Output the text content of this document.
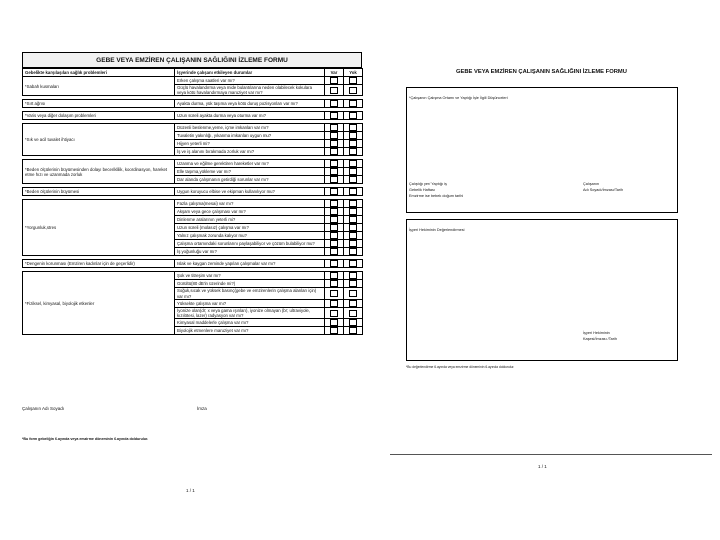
GEBE VEYA EMZİREN ÇALIŞANIN SAĞLIĞINI İZLEME FORMU
Gebelikte karşılaşılan sağlık problemleri	İşyerinde çalışanı etkileyen durumlar	Var	Yok
*Sabah kusmaları	Erken çalışma saatleri var mı?		
	Güçlü havalandırma veya mide bulantılarına neden olabilecek kokulara veya kötü havalandırmaya maruziyet var mı?		

*Sırt ağrısı	Ayakta durma, yük taşıma veya kötü duruş pozisyonları var mı?		

*Varis veya diğer dolaşım problemleri	Uzun süreli ayakta durma veya oturma var mı?		

*Sık ve acil tuvalet ihtiyacı	Düzenli beslenme,yeme, içme imkanları var mı?		
	Tuvaletin yakınlığı, yıkanma imkanları uygun mu?		
	Hijyen yeterli mi?		
	İş ve iş alanını bırakmada zorluk var mı?		

*Beden ölçülerinin büyümesinden dolayı beceriklilik, koordinasyon, hareket etme hızı ve uzanmada zorluk	Uzanma ve eğilme gerektiren hareketler var mı?		
	Elle taşıma,yükleme var mı?		
	Dar alanda çalışmanın getirdiği sorunlar var mı?		

*Beden ölçülerinin büyümesi	Uygun koruyucu elbise ve ekipman kullanılıyor mu?		

*Yorgunluk,stres	Fazla çalışma(mesai) var mı?		
	Akşam veya gece çalışması var mı?		
	Dinlenme aralarının yeterli mi?		
	Uzun süreli (molasız) çalışma var mı?		
	Yalnız çalışmak zorunda kalıyor mu?		
	Çalışma ortamındaki sorunlarını paylaşabiliyor ve çözüm bulabiliyor mu?		
	İş yoğunluğu var mı?		

*Dengenin korunması (Emziren kadınlar için de geçerlidir)	Islak ve kaygan zeminde yapılan çalışmalar var mı?		

*Fiziksel, kimyasal, biyolojik etkenler	Şok ve titreşim var mı?		
	Gürültü(80 dB'in üzerinde mi?)		
	Soğuk,sıcak ve yüksek basınç(gebe ve emzirenlerin çalışma alanları için) var mı?		
	Yüksekte çalışma var mı?		
	İyonize olan(dr; x veya gama ışınları), iyonize olmayan (br; ultraviyole, kızılötesi, lazer) radyasyon var mı?		
	Kimyasal maddelerle çalışma var mı?		
	Biyolojik etmenlere maruziyet var mı?		

Çalışanın Adı Soyadı	İmza
*Bu form gebeliğin 6.ayında veya emzirme döneminin 6.ayında doldurulur.
1 / 1
GEBE VEYA EMZİREN ÇALIŞANIN SAĞLIĞINI İZLEME FORMU
*Çalışanın Çalışma Ortamı ve Yaptığı İşle İlgili Düşünceleri
Çalıştığı yer/ Yaptığı iş
Gebelik Haftası
Emzirme ise bebek doğum tarihi
Çalışanın
Adı Soyadı/İmzası/Tarih
İşyeri Hekiminin Değerlendirmesi
İşyeri Hekiminin
Kaşesi/İmzası /Tarih
*Bu değerlendirme 6.ayında veya emzirme döneminin 6.ayında doldurulur.
1 / 1
